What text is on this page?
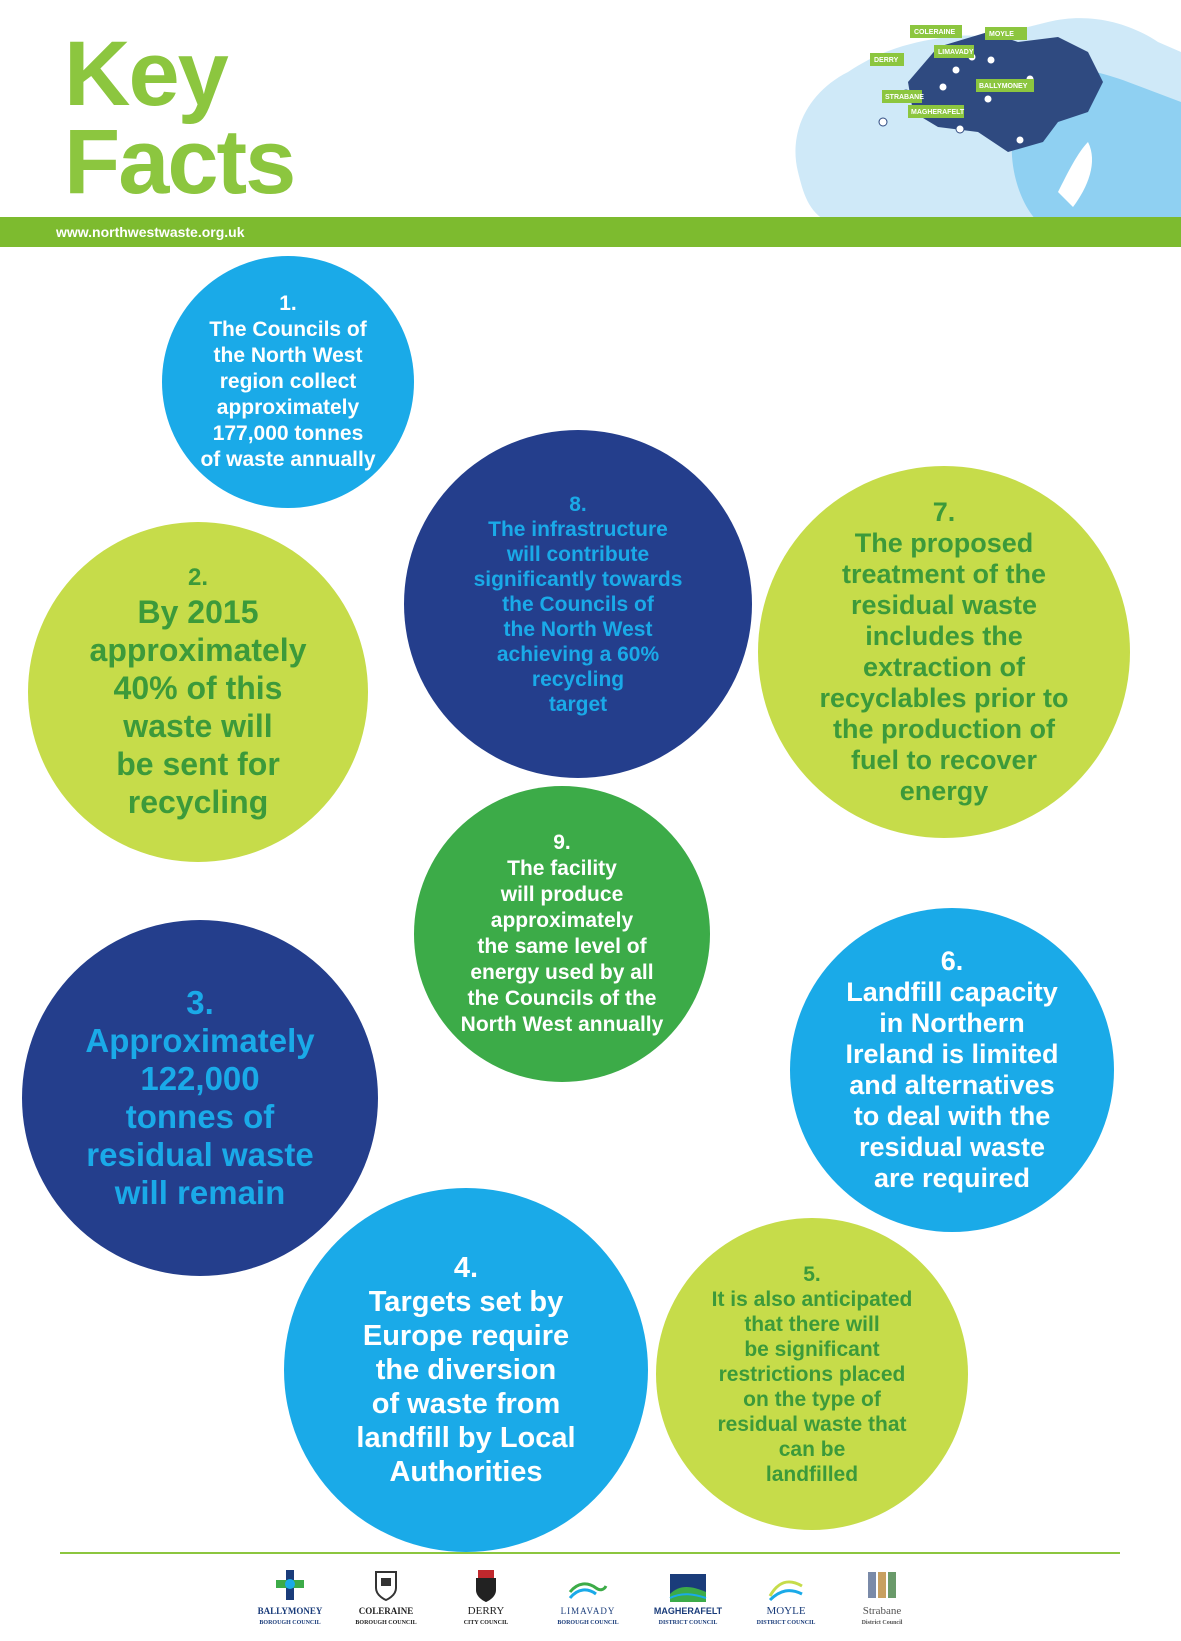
Key
Facts
COLERAINE	MOYLE
LIMAVADY
DERRY
BALLYMONEY
STRABANE
MAGHERAFELT
www.northwestwaste.org.uk
1.
The Councils of
the North West
region collect
approximately
177,000 tonnes
of waste annually
8.
The infrastructure
will contribute
significantly towards
the Councils of
the North West
achieving a 60%
recycling
target
7.
The proposed
treatment of the
residual waste
includes the
extraction of
recyclables prior to
the production of
fuel to recover
energy
2.
By 2015
approximately
40% of this
waste will
be sent for
recycling
9.
The facility
will produce
approximately
the same level of
energy used by all
the Councils of the
North West annually
3.
Approximately
122,000
tonnes of
residual waste
will remain
6.
Landfill capacity
in Northern
Ireland is limited
and alternatives
to deal with the
residual waste
are required
4.
Targets set by
Europe require
the diversion
of waste from
landfill by Local
Authorities
5.
It is also anticipated
that there will
be significant
restrictions placed
on the type of
residual waste that
can be
landfilled
BALLYMONEY
BOROUGH COUNCIL
COLERAINE
BOROUGH COUNCIL
DERRY
CITY COUNCIL
LIMAVADY
BOROUGH COUNCIL
MAGHERAFELT
DISTRICT COUNCIL
MOYLE
DISTRICT COUNCIL
Strabane
District Council
